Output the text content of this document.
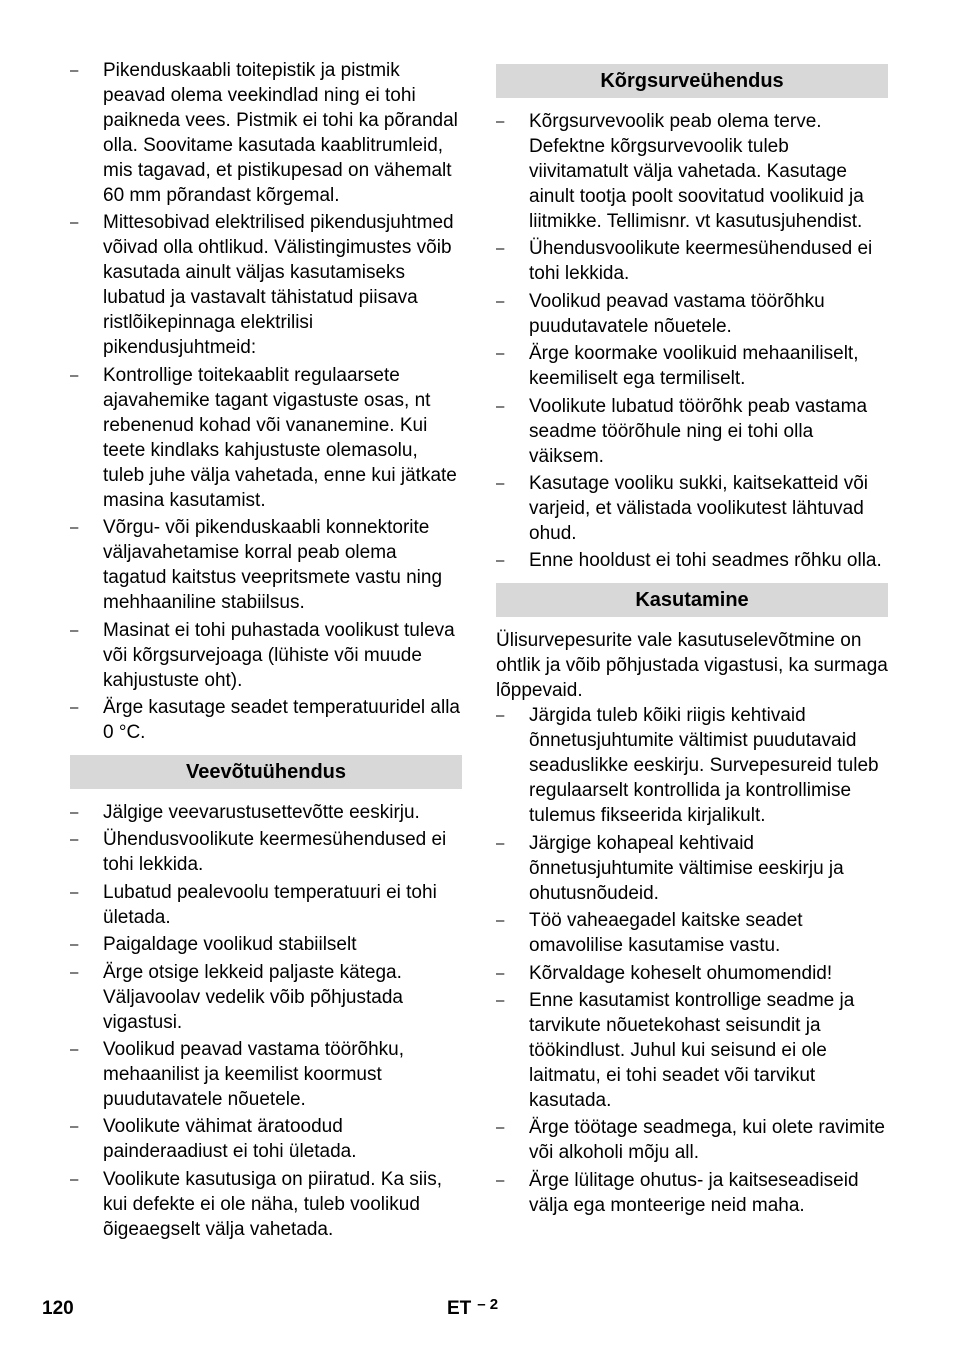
– Pikenduskaabli toitepistik ja pistmik peavad olema veekindlad ning ei tohi paikneda vees. Pistmik ei tohi ka põrandal olla. Soovitame kasutada kaablitrumleid, mis tagavad, et pistikupesad on vähemalt 60 mm põrandast kõrgemal.
– Mittesobivad elektrilised pikendusjuhtmed võivad olla ohtlikud. Välistingimustes võib kasutada ainult väljas kasutamiseks lubatud ja vastavalt tähistatud piisava ristlõikepinnaga elektrilisi pikendusjuhtmeid:
– Kontrollige toitekaablit regulaarsete ajavahemike tagant vigastuste osas, nt rebenenud kohad või vananemine. Kui teete kindlaks kahjustuste olemasolu, tuleb juhe välja vahetada, enne kui jätkate masina kasutamist.
– Võrgu- või pikenduskaabli konnektorite väljavahetamise korral peab olema tagatud kaitstus veepritsmete vastu ning mehhaaniline stabiilsus.
– Masinat ei tohi puhastada voolikust tuleva või kõrgsurvejoaga (lühiste või muude kahjustuste oht).
– Ärge kasutage seadet temperatuuridel alla 0 °C.
Veevõtuühendus
– Jälgige veevarustusettevõtte eeskirju.
– Ühendusvoolikute keermesühendused ei tohi lekkida.
– Lubatud pealevoolu temperatuuri ei tohi ületada.
– Paigaldage voolikud stabiilselt
– Ärge otsige lekkeid paljaste kätega. Väljavoolav vedelik võib põhjustada vigastusi.
– Voolikud peavad vastama töörõhku, mehaanilist ja keemilist koormust puudutavatele nõuetele.
– Voolikute vähimat äratoodud painderaadiust ei tohi ületada.
– Voolikute kasutusiga on piiratud. Ka siis, kui defekte ei ole näha, tuleb voolikud õigeaegselt välja vahetada.
Kõrgsurveühendus
– Kõrgsurvevoolik peab olema terve. Defektne kõrgsurvevoolik tuleb viivitamatult välja vahetada. Kasutage ainult tootja poolt soovitatud voolikuid ja liitmikke. Tellimisnr. vt kasutusjuhendist.
– Ühendusvoolikute keermesühendused ei tohi lekkida.
– Voolikud peavad vastama töörõhku puudutavatele nõuetele.
– Ärge koormake voolikuid mehaaniliselt, keemiliselt ega termiliselt.
– Voolikute lubatud töörõhk peab vastama seadme töörõhule ning ei tohi olla väiksem.
– Kasutage vooliku sukki, kaitsekatteid või varjeid, et välistada voolikutest lähtuvad ohud.
– Enne hooldust ei tohi seadmes rõhku olla.
Kasutamine

Ülisurvepesurite vale kasutuselevõtmine on ohtlik ja võib põhjustada vigastusi, ka surmaga lõppevaid.

– Järgida tuleb kõiki riigis kehtivaid õnnetusjuhtumite vältimist puudutavaid seaduslikke eeskirju. Survepesureid tuleb regulaarselt kontrollida ja kontrollimise tulemus fikseerida kirjalikult.
– Järgige kohapeal kehtivaid õnnetusjuhtumite vältimise eeskirju ja ohutusnõudeid.
– Töö vaheaegadel kaitske seadet omavolilise kasutamise vastu.
– Kõrvaldage koheselt ohumomendid!
– Enne kasutamist kontrollige seadme ja tarvikute nõuetekohast seisundit ja töökindlust. Juhul kui seisund ei ole laitmatu, ei tohi seadet või tarvikut kasutada.
– Ärge töötage seadmega, kui olete ravimite või alkoholi mõju all.
– Ärge lülitage ohutus- ja kaitseseadiseid välja ega monteerige neid maha.
120	ET $^{- 2}$
